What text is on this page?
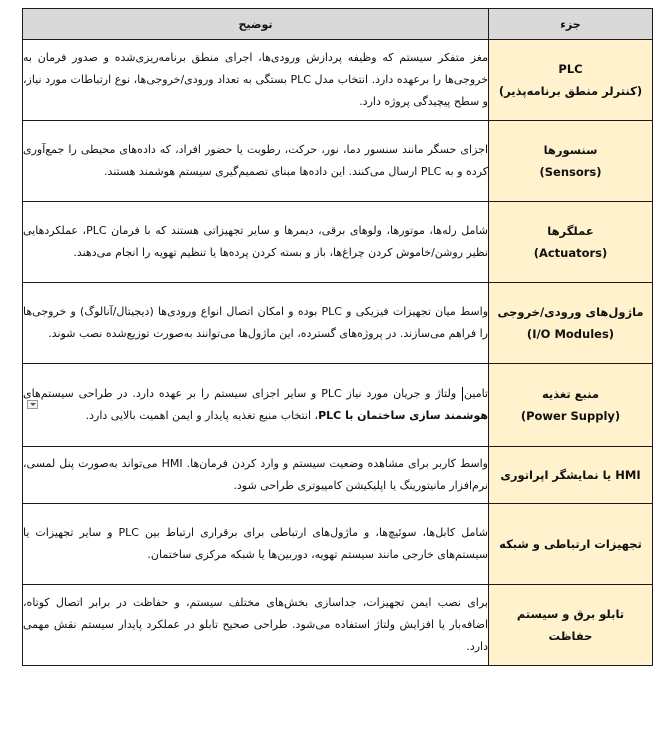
جزء	توضیح

PLC
(کنترلر منطق برنامه‌پذیر)	مغز متفکر سیستم که وظیفه پردازش ورودی‌ها، اجرای منطق برنامه‌ریزی‌شده و صدور فرمان به خروجی‌ها را برعهده دارد. انتخاب مدل PLC بستگی به تعداد ورودی/خروجی‌ها، نوع ارتباطات مورد نیاز، و سطح پیچیدگی پروژه دارد.

سنسورها
(Sensors)	اجزای حسگر مانند سنسور دما، نور، حرکت، رطوبت یا حضور افراد، که داده‌های محیطی را جمع‌آوری کرده و به PLC ارسال می‌کنند. این داده‌ها مبنای تصمیم‌گیری سیستم هوشمند هستند.

عملگرها
(Actuators)	شامل رله‌ها، موتورها، ولوهای برقی، دیمرها و سایر تجهیزاتی هستند که با فرمان PLC، عملکردهایی نظیر روشن/خاموش کردن چراغ‌ها، باز و بسته کردن پرده‌ها یا تنظیم تهویه را انجام می‌دهند.

ماژول‌های ورودی/خروجی
(I/O Modules)	واسط میان تجهیزات فیزیکی و PLC بوده و امکان اتصال انواع ورودی‌ها (دیجیتال/آنالوگ) و خروجی‌ها را فراهم می‌سازند. در پروژه‌های گسترده، این ماژول‌ها می‌توانند به‌صورت توزیع‌شده نصب شوند.

منبع تغذیه
(Power Supply)	تامین ولتاژ و جریان مورد نیاز PLC و سایر اجزای سیستم را بر عهده دارد. در طراحی سیستم‌های هوشمند سازی ساختمان با PLC، انتخاب منبع تغذیه پایدار و ایمن اهمیت بالایی دارد.

HMI یا نمایشگر اپراتوری	واسط کاربر برای مشاهده وضعیت سیستم و وارد کردن فرمان‌ها. HMI می‌تواند به‌صورت پنل لمسی، نرم‌افزار مانیتورینگ یا اپلیکیشن کامپیوتری طراحی شود.

تجهیزات ارتباطی و شبکه	شامل کابل‌ها، سوئیچ‌ها، و ماژول‌های ارتباطی برای برقراری ارتباط بین PLC و سایر تجهیزات یا سیستم‌های خارجی مانند سیستم تهویه، دوربین‌ها یا شبکه مرکزی ساختمان.

تابلو برق و سیستم
حفاظت	برای نصب ایمن تجهیزات، جداسازی بخش‌های مختلف سیستم، و حفاظت در برابر اتصال کوتاه، اضافه‌بار یا افزایش ولتاژ استفاده می‌شود. طراحی صحیح تابلو در عملکرد پایدار سیستم نقش مهمی دارد.
